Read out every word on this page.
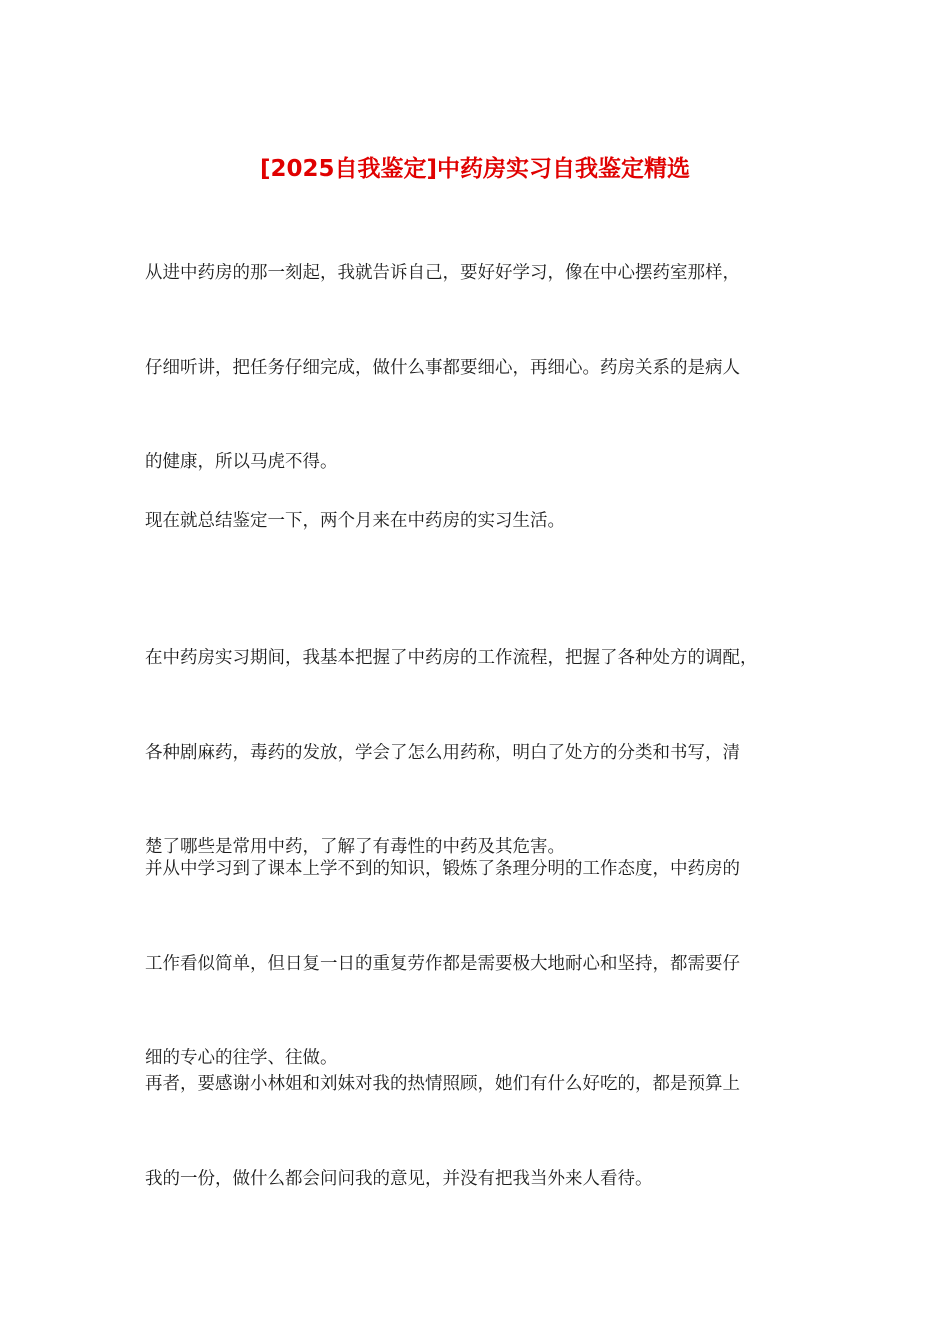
[2025自我鉴定]中药房实习自我鉴定精选

从进中药房的那一刻起，我就告诉自己，要好好学习，像在中心摆药室那样，

仔细听讲，把任务仔细完成，做什么事都要细心，再细心。药房关系的是病人

的健康，所以马虎不得。

现在就总结鉴定一下，两个月来在中药房的实习生活。

在中药房实习期间，我基本把握了中药房的工作流程，把握了各种处方的调配，

各种剧麻药，毒药的发放，学会了怎么用药称，明白了处方的分类和书写，清

楚了哪些是常用中药，了解了有毒性的中药及其危害。

并从中学习到了课本上学不到的知识，锻炼了条理分明的工作态度，中药房的

工作看似简单，但日复一日的重复劳作都是需要极大地耐心和坚持，都需要仔

细的专心的往学、往做。

再者，要感谢小林姐和刘妹对我的热情照顾，她们有什么好吃的，都是预算上

我的一份，做什么都会问问我的意见，并没有把我当外来人看待。
